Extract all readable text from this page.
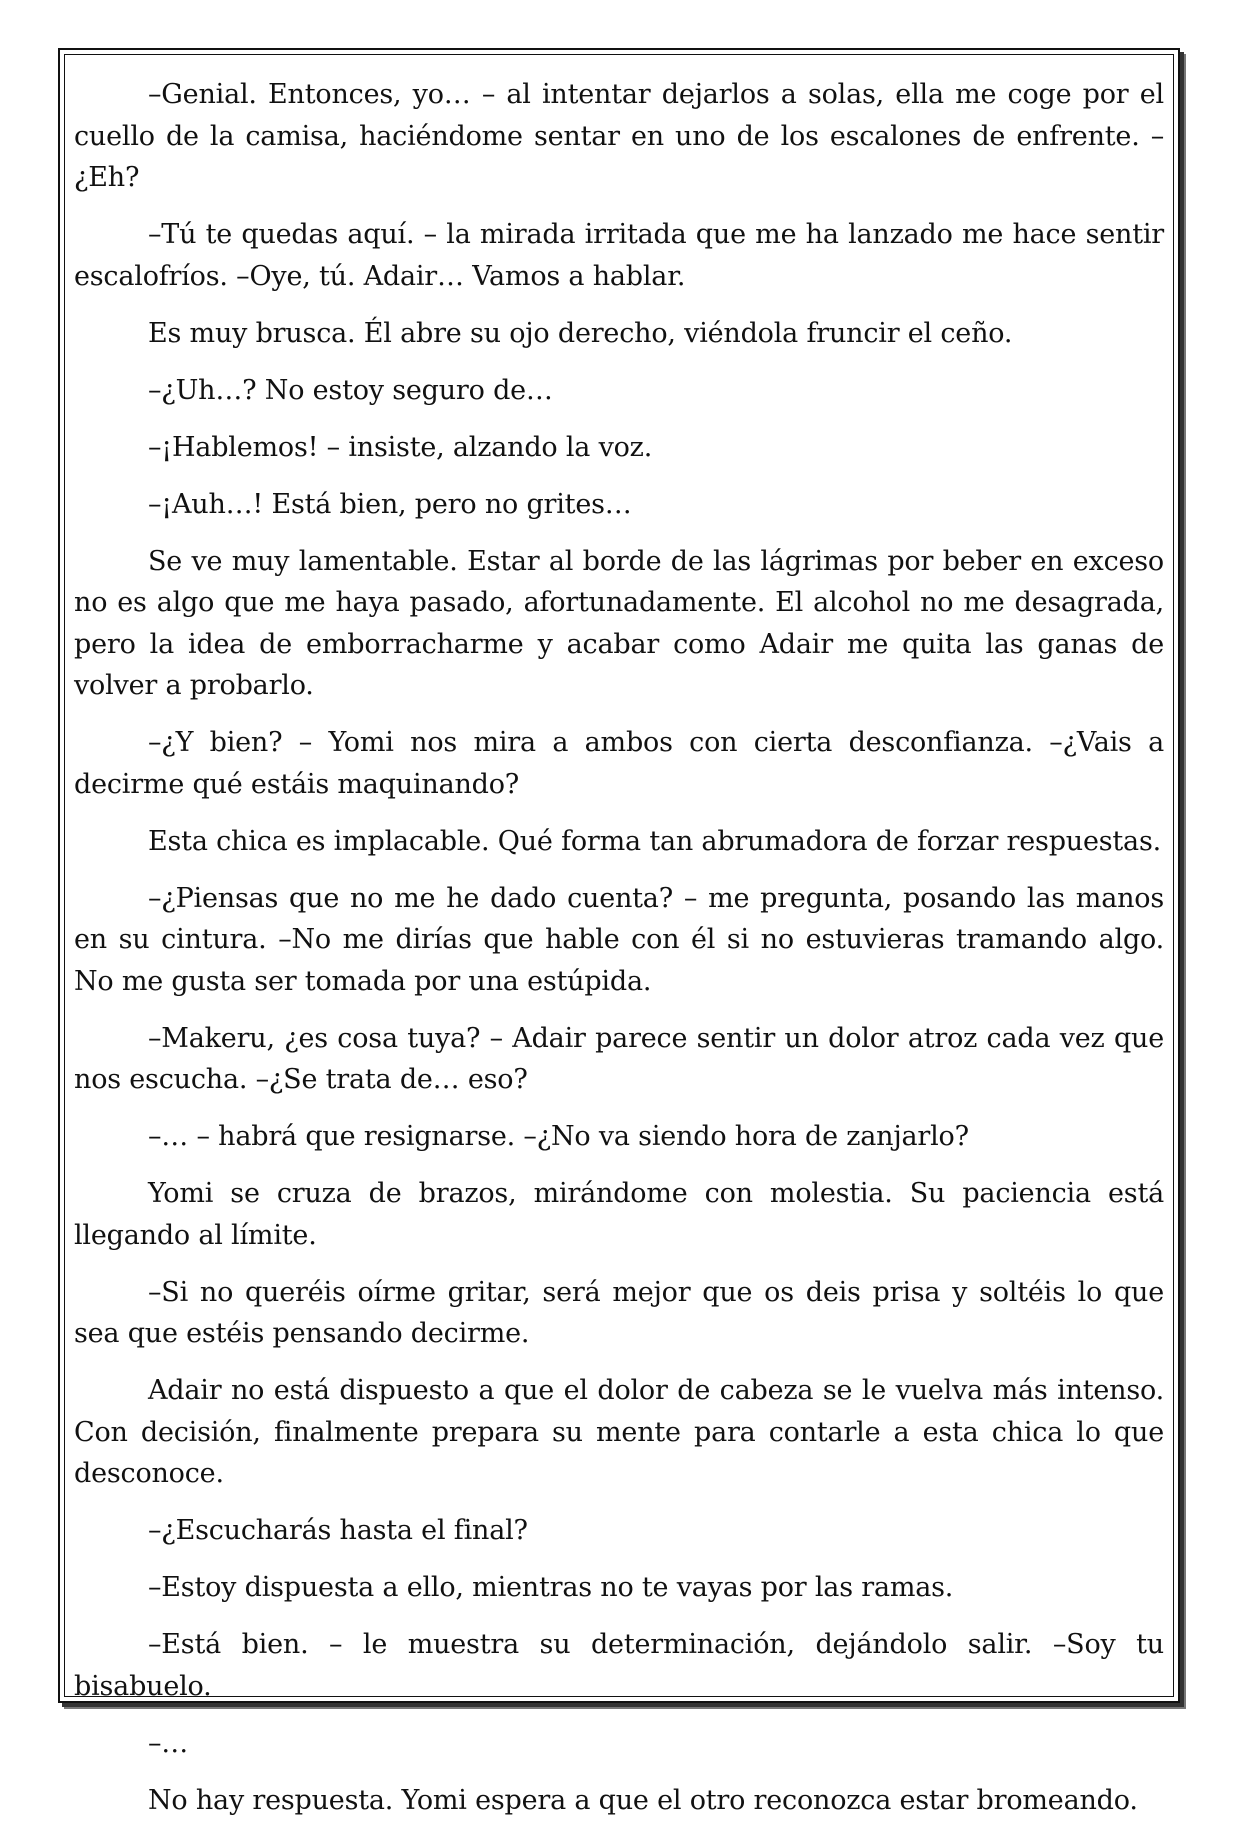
–Genial. Entonces, yo… – al intentar dejarlos a solas, ella me coge por el cuello de la camisa, haciéndome sentar en uno de los escalones de enfrente. –¿Eh?

–Tú te quedas aquí. – la mirada irritada que me ha lanzado me hace sentir escalofríos. –Oye, tú. Adair… Vamos a hablar.

Es muy brusca. Él abre su ojo derecho, viéndola fruncir el ceño.

–¿Uh…? No estoy seguro de…

–¡Hablemos! – insiste, alzando la voz.

–¡Auh…! Está bien, pero no grites…

Se ve muy lamentable. Estar al borde de las lágrimas por beber en exceso no es algo que me haya pasado, afortunadamente. El alcohol no me desagrada, pero la idea de emborracharme y acabar como Adair me quita las ganas de volver a probarlo.

–¿Y bien? – Yomi nos mira a ambos con cierta desconfianza. –¿Vais a decirme qué estáis maquinando?

Esta chica es implacable. Qué forma tan abrumadora de forzar respuestas.

–¿Piensas que no me he dado cuenta? – me pregunta, posando las manos en su cintura. –No me dirías que hable con él si no estuvieras tramando algo. No me gusta ser tomada por una estúpida.

–Makeru, ¿es cosa tuya? – Adair parece sentir un dolor atroz cada vez que nos escucha. –¿Se trata de… eso?

–… – habrá que resignarse. –¿No va siendo hora de zanjarlo?

Yomi se cruza de brazos, mirándome con molestia. Su paciencia está llegando al límite.

–Si no queréis oírme gritar, será mejor que os deis prisa y soltéis lo que sea que estéis pensando decirme.

Adair no está dispuesto a que el dolor de cabeza se le vuelva más intenso. Con decisión, finalmente prepara su mente para contarle a esta chica lo que desconoce.

–¿Escucharás hasta el final?

–Estoy dispuesta a ello, mientras no te vayas por las ramas.

–Está bien. – le muestra su determinación, dejándolo salir. –Soy tu bisabuelo.

–…

No hay respuesta. Yomi espera a que el otro reconozca estar bromeando.
